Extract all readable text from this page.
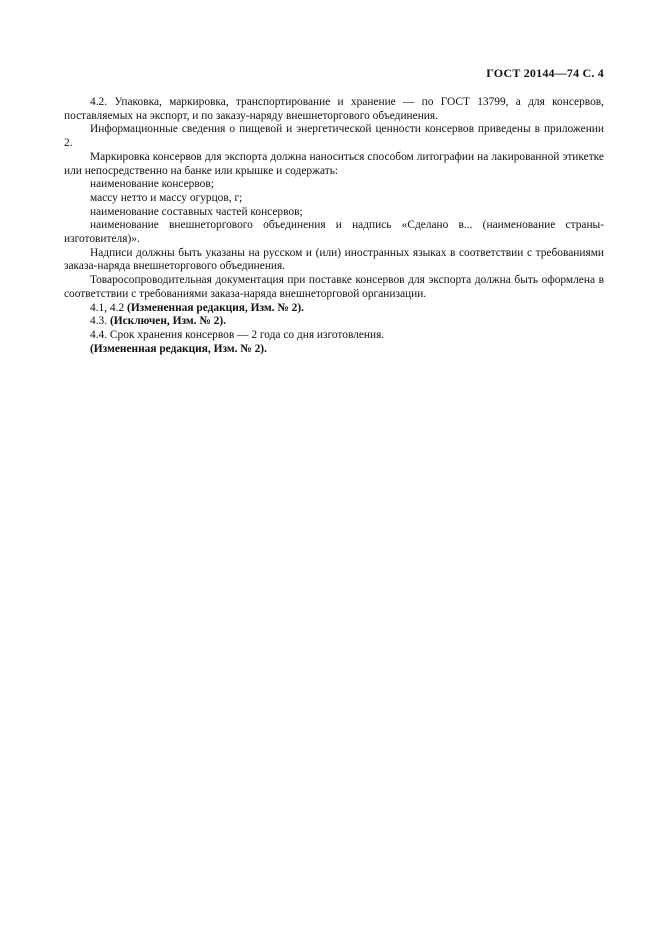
ГОСТ 20144—74 С. 4

4.2. Упаковка, маркировка, транспортирование и хранение — по ГОСТ 13799, а для консервов, поставляемых на экспорт, и по заказу-наряду внешнеторгового объединения.

Информационные сведения о пищевой и энергетической ценности консервов приведены в приложении 2.

Маркировка консервов для экспорта должна наноситься способом литографии на лакированной этикетке или непосредственно на банке или крышке и содержать:

наименование консервов;

массу нетто и массу огурцов, г;

наименование составных частей консервов;

наименование внешнеторгового объединения и надпись «Сделано в... (наименование страны-изготовителя)».

Надписи должны быть указаны на русском и (или) иностранных языках в соответствии с требованиями заказа-наряда внешнеторгового объединения.

Товаросопроводительная документация при поставке консервов для экспорта должна быть оформлена в соответствии с требованиями заказа-наряда внешнеторговой организации.

4.1, 4.2 (Измененная редакция, Изм. № 2).

4.3. (Исключен, Изм. № 2).

4.4. Срок хранения консервов — 2 года со дня изготовления.

(Измененная редакция, Изм. № 2).
